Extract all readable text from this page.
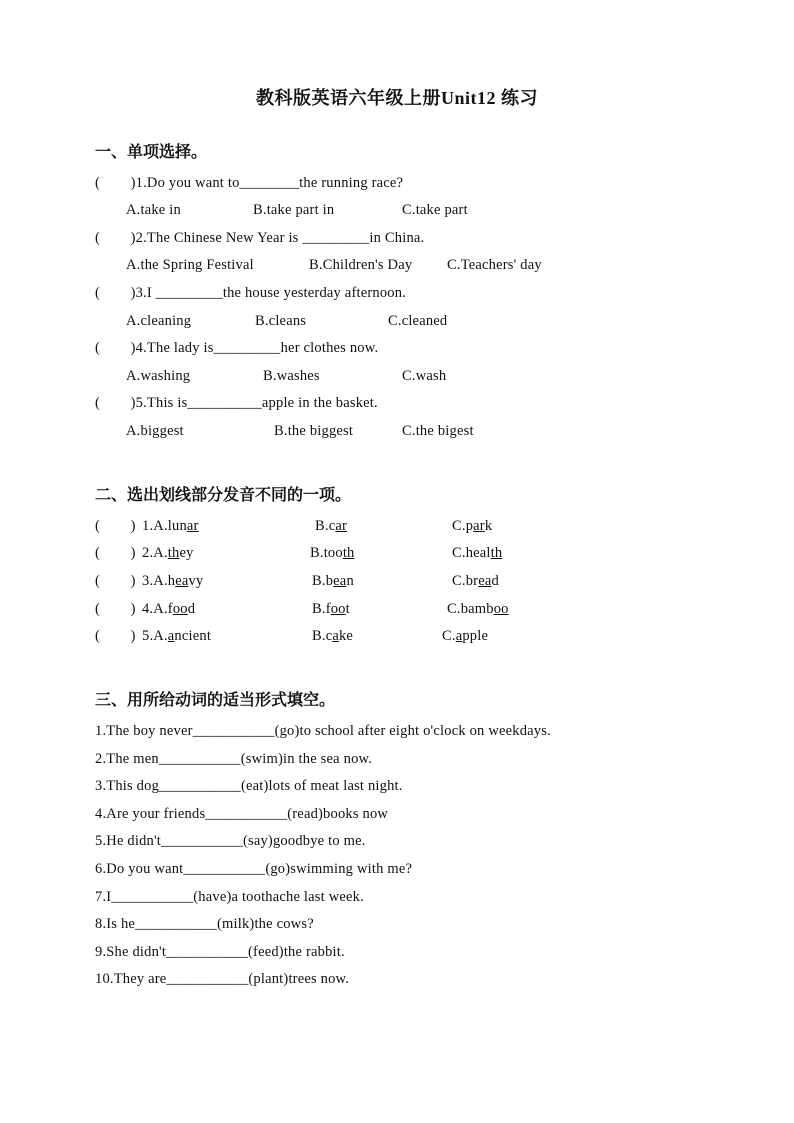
教科版英语六年级上册Unit12 练习
一、单项选择。
(        )1.Do you want to________the running race?
A.take in	B.take part in	C.take part
(        )2.The Chinese New Year is _________in China.
A.the Spring Festival	B.Children's Day C.Teachers' day
(        )3.I _________the house yesterday afternoon.
A.cleaning	B.cleans	C.cleaned
(        )4.The lady is_________her clothes now.
A.washing	B.washes	C.wash
(        )5.This is__________apple in the basket.
A.biggest	B.the biggest	C.the bigest
二、选出划线部分发音不同的一项。
(        ) 1.A.lunar	B.car	C.park
(        ) 2.A.they	B.tooth	C.health
(        ) 3.A.heavy	B.bean	C.bread
(        ) 4.A.food	B.foot	C.bamboo
(        ) 5.A.ancient	B.cake	C.apple
三、用所给动词的适当形式填空。
1.The boy never___________(go)to school after eight o'clock on weekdays.
2.The men___________(swim)in the sea now.
3.This dog___________(eat)lots of meat last night.
4.Are your friends___________(read)books now
5.He didn't___________(say)goodbye to me.
6.Do you want___________(go)swimming with me?
7.I___________(have)a toothache last week.
8.Is he___________(milk)the cows?
9.She didn't___________(feed)the rabbit.
10.They are___________(plant)trees now.
